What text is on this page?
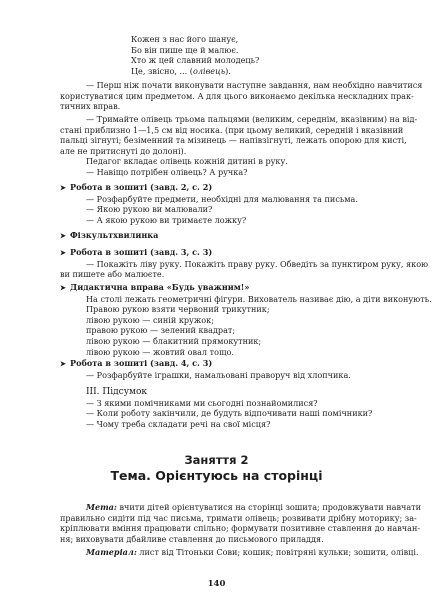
Кожен з нас його шанує,
Бо він пише ще й малює.
Хто ж цей славний молодець?
Це, звісно, ... (олівець).
— Перш ніж почати виконувати наступне завдання, нам необхідно навчитися
користуватися цим предметом. А для цього виконаємо декілька нескладних прак-
тичних вправ.
— Тримайте олівець трьома пальцями (великим, середнім, вказівним) на від-
стані приблизно 1—1,5 см від носика. (при цьому великий, середній і вказівний
пальці зігнуті; безіменний та мізинець — напівзігнуті, лежать опорою для кисті,
але не притиснуті до долоні).
Педагог вкладає олівець кожній дитині в руку.
— Навіщо потрібен олівець? А ручка?
➤ Робота в зошиті (завд. 2, с. 2)
— Розфарбуйте предмети, необхідні для малювання та письма.
— Якою рукою ви малювали?
— А якою рукою ви тримаєте ложку?
➤ Фізкультхвилинка
➤ Робота в зошиті (завд. 3, с. 3)
— Покажіть ліву руку. Покажіть праву руку. Обведіть за пунктиром руку, якою
ви пишете або малюєте.
➤ Дидактична вправа «Будь уважним!»
На столі лежать геометричні фігури. Вихователь називає дію, а діти виконують.
Правою рукою взяти червоний трикутник;
лівою рукою — синій кружок;
правою рукою — зелений квадрат;
лівою рукою — блакитний прямокутник;
лівою рукою — жовтий овал тощо.
➤ Робота в зошиті (завд. 4, с. 3)
— Розфарбуйте іграшки, намальовані праворуч від хлопчика.
III. Підсумок
— З якими помічниками ми сьогодні познайомилися?
— Коли роботу закінчили, де будуть відпочивати наші помічники?
— Чому треба складати речі на свої місця?
Заняття 2
Тема. Орієнтуюсь на сторінці
Мета: вчити дітей орієнтуватися на сторінці зошита; продовжувати навчати
правильно сидіти під час письма, тримати олівець; розвивати дрібну моторику; за-
кріплювати вміння працювати спільно; формувати позитивне ставлення до навчан-
ня; виховувати дбайливе ставлення до письмового приладдя.
Матеріал: лист від Тітоньки Сови; кошик; повітряні кульки; зошити, олівці.
140
